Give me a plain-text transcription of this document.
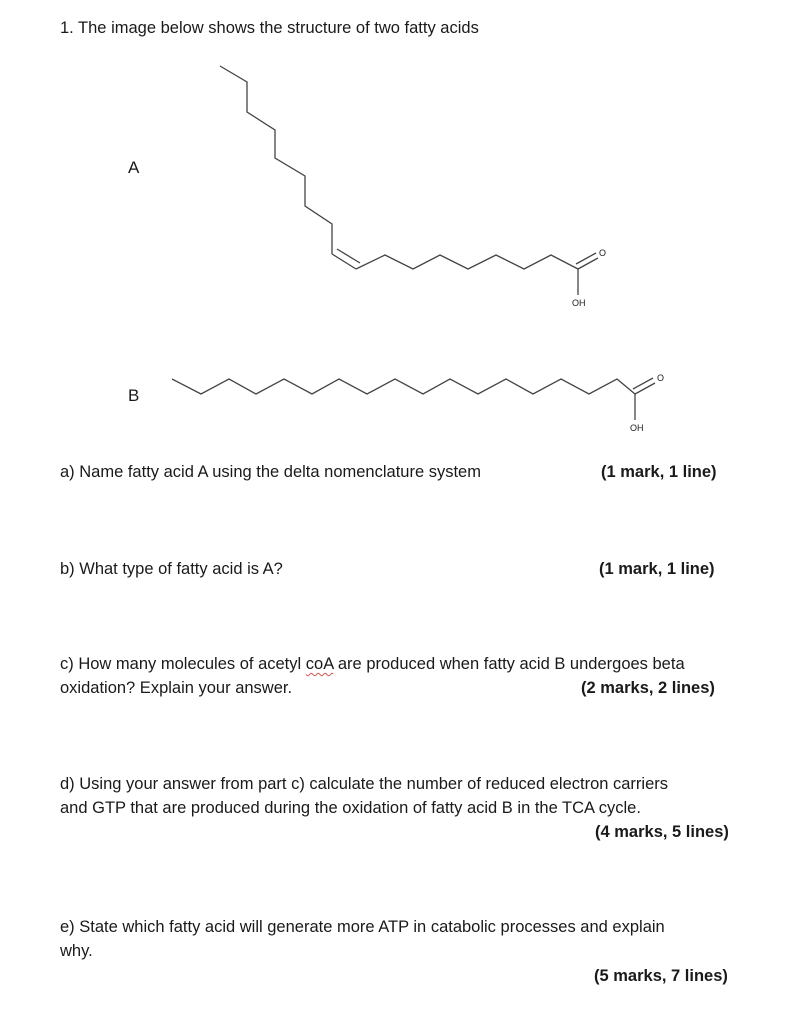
1. The image below shows the structure of two fatty acids
A
O
OH
B
O
OH
a) Name fatty acid A using the delta nomenclature system	(1 mark, 1 line)
b) What type of fatty acid is A?	(1 mark, 1 line)
c) How many molecules of acetyl coA are produced when fatty acid B undergoes beta
oxidation? Explain your answer.	(2 marks, 2 lines)
d) Using your answer from part c) calculate the number of reduced electron carriers
and GTP that are produced during the oxidation of fatty acid B in the TCA cycle.
(4 marks, 5 lines)
e) State which fatty acid will generate more ATP in catabolic processes and explain
why.
(5 marks, 7 lines)
